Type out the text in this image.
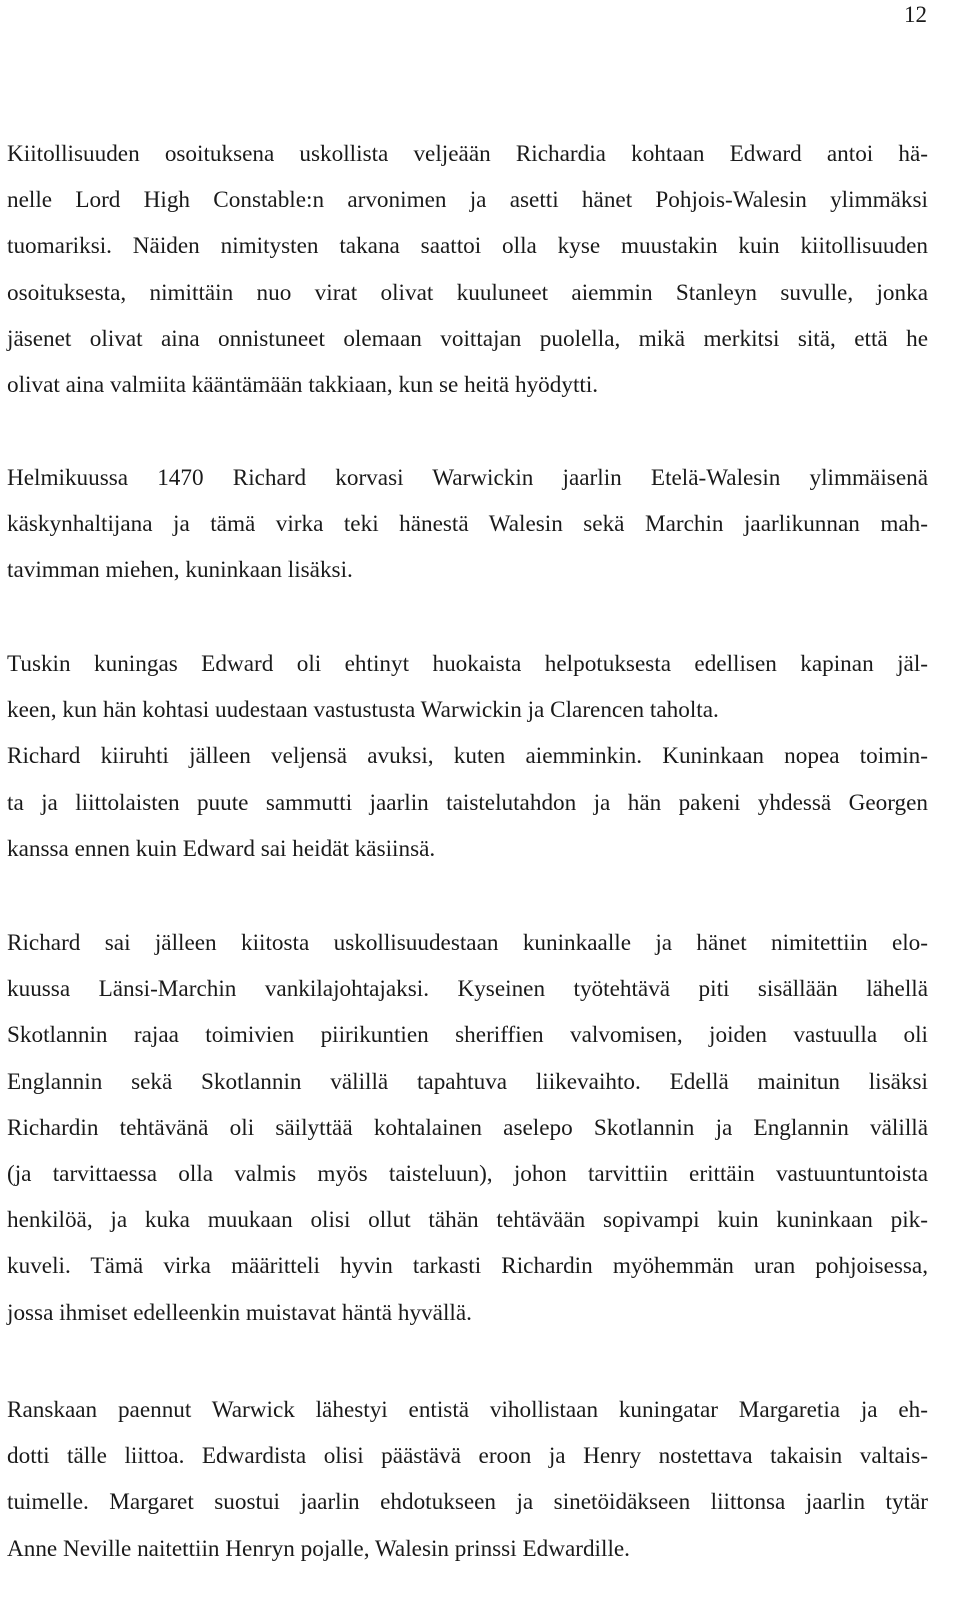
12

Kiitollisuuden osoituksena uskollista veljeään Richardia kohtaan Edward antoi hä-
nelle Lord High Constable:n arvonimen ja asetti hänet Pohjois-Walesin ylimmäksi
tuomariksi. Näiden nimitysten takana saattoi olla kyse muustakin kuin kiitollisuuden
osoituksesta, nimittäin nuo virat olivat kuuluneet aiemmin Stanleyn suvulle, jonka
jäsenet olivat aina onnistuneet olemaan voittajan puolella, mikä merkitsi sitä, että he
olivat aina valmiita kääntämään takkiaan, kun se heitä hyödytti.

Helmikuussa 1470 Richard korvasi Warwickin jaarlin Etelä-Walesin ylimmäisenä
käskynhaltijana ja tämä virka teki hänestä Walesin sekä Marchin jaarlikunnan mah-
tavimman miehen, kuninkaan lisäksi.

Tuskin kuningas Edward oli ehtinyt huokaista helpotuksesta edellisen kapinan jäl-
keen, kun hän kohtasi uudestaan vastustusta Warwickin ja Clarencen taholta.
Richard kiiruhti jälleen veljensä avuksi, kuten aiemminkin. Kuninkaan nopea toimin-
ta ja liittolaisten puute sammutti jaarlin taistelutahdon ja hän pakeni yhdessä Georgen
kanssa ennen kuin Edward sai heidät käsiinsä.

Richard sai jälleen kiitosta uskollisuudestaan kuninkaalle ja hänet nimitettiin elo-
kuussa Länsi-Marchin vankilajohtajaksi. Kyseinen työtehtävä piti sisällään lähellä
Skotlannin rajaa toimivien piirikuntien sheriffien valvomisen, joiden vastuulla oli
Englannin sekä Skotlannin välillä tapahtuva liikevaihto. Edellä mainitun lisäksi
Richardin tehtävänä oli säilyttää kohtalainen aselepo Skotlannin ja Englannin välillä
(ja tarvittaessa olla valmis myös taisteluun), johon tarvittiin erittäin vastuuntuntoista
henkilöä, ja kuka muukaan olisi ollut tähän tehtävään sopivampi kuin kuninkaan pik-
kuveli. Tämä virka määritteli hyvin tarkasti Richardin myöhemmän uran pohjoisessa,
jossa ihmiset edelleenkin muistavat häntä hyvällä.

Ranskaan paennut Warwick lähestyi entistä vihollistaan kuningatar Margaretia ja eh-
dotti tälle liittoa. Edwardista olisi päästävä eroon ja Henry nostettava takaisin valtais-
tuimelle. Margaret suostui jaarlin ehdotukseen ja sinetöidäkseen liittonsa jaarlin tytär
Anne Neville naitettiin Henryn pojalle, Walesin prinssi Edwardille.
